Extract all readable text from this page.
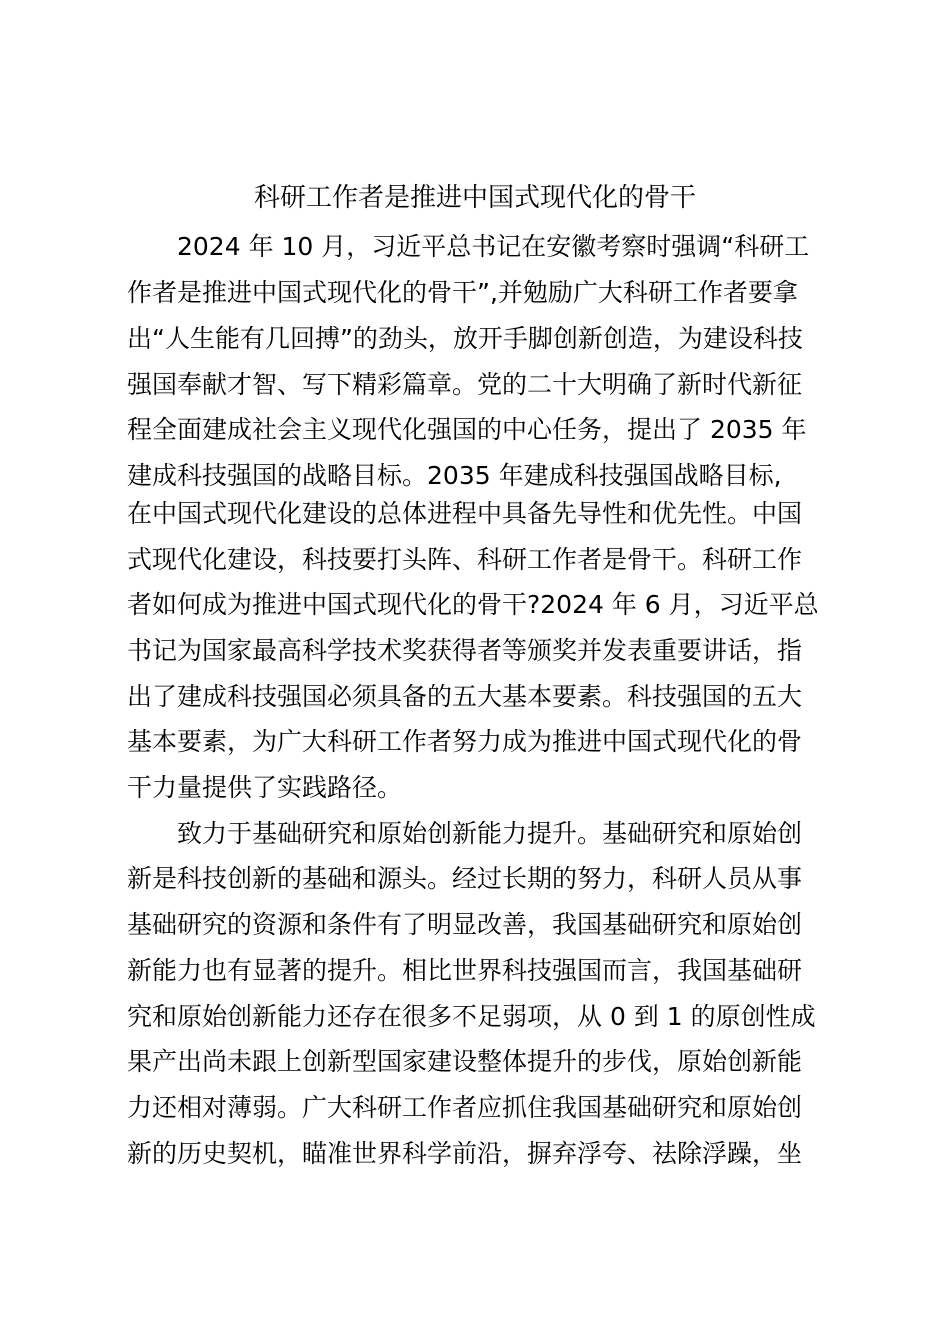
科研工作者是推进中国式现代化的骨干
　　2024 年 10 月，习近平总书记在安徽考察时强调“科研工
作者是推进中国式现代化的骨干”,并勉励广大科研工作者要拿
出“人生能有几回搏”的劲头，放开手脚创新创造，为建设科技
强国奉献才智、写下精彩篇章。党的二十大明确了新时代新征
程全面建成社会主义现代化强国的中心任务，提出了 2035 年
建成科技强国的战略目标。2035 年建成科技强国战略目标,
在中国式现代化建设的总体进程中具备先导性和优先性。中国
式现代化建设，科技要打头阵、科研工作者是骨干。科研工作
者如何成为推进中国式现代化的骨干?2024 年 6 月，习近平总
书记为国家最高科学技术奖获得者等颁奖并发表重要讲话，指
出了建成科技强国必须具备的五大基本要素。科技强国的五大
基本要素，为广大科研工作者努力成为推进中国式现代化的骨
干力量提供了实践路径。
　　致力于基础研究和原始创新能力提升。基础研究和原始创
新是科技创新的基础和源头。经过长期的努力，科研人员从事
基础研究的资源和条件有了明显改善，我国基础研究和原始创
新能力也有显著的提升。相比世界科技强国而言，我国基础研
究和原始创新能力还存在很多不足弱项，从 0 到 1 的原创性成
果产出尚未跟上创新型国家建设整体提升的步伐，原始创新能
力还相对薄弱。广大科研工作者应抓住我国基础研究和原始创
新的历史契机，瞄准世界科学前沿，摒弃浮夸、祛除浮躁，坐
